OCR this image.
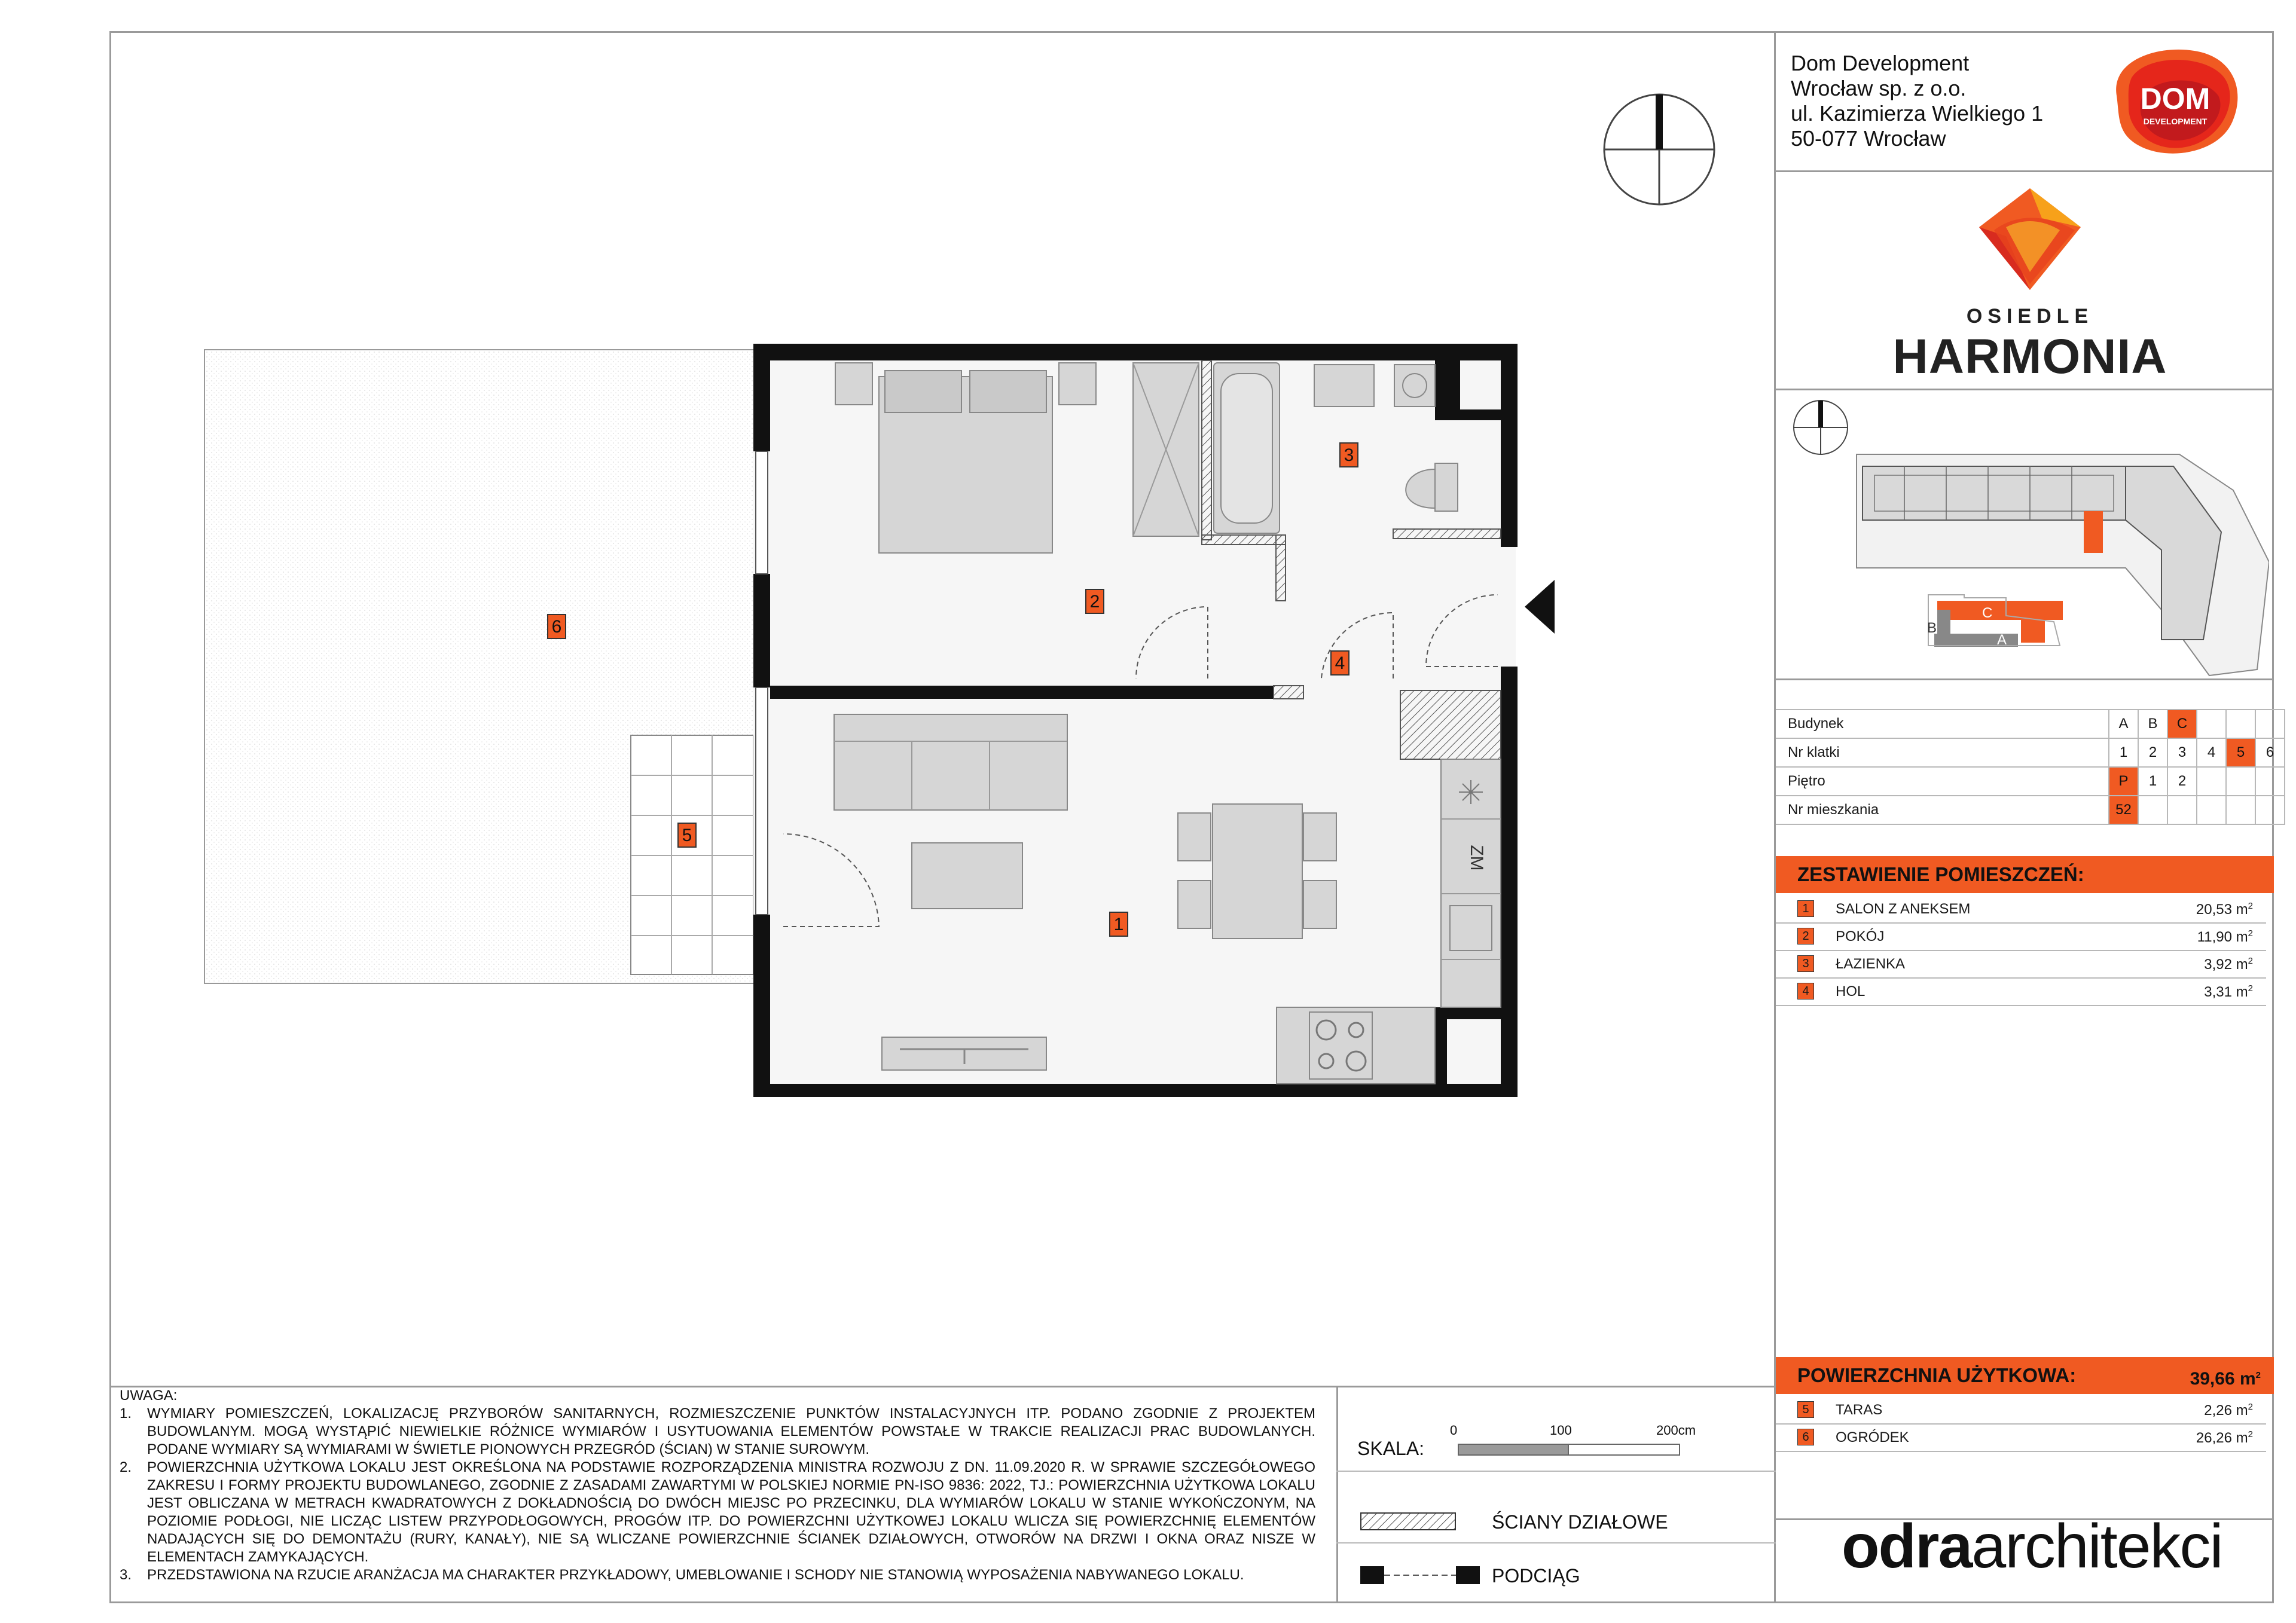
Dom Development
Wrocław sp. z o.o.
ul. Kazimierza Wielkiego 1
50-077 Wrocław
DOM
DEVELOPMENT
OSIEDLE
HARMONIA
C
A
B
Budynek	A	B	C			
Nr klatki	1	2	3	4	5	6
Piętro	P	1	2			
Nr mieszkania	52					
ZESTAWIENIE POMIESZCZEŃ:
1	SALON Z ANEKSEM	20,53 $m^2$
2	POKÓJ	11,90 $m^2$
3	ŁAZIENKA	3,92 $m^2$
4	HOL	3,31 $m^2$
POWIERZCHNIA UŻYTKOWA:	39,66 $m^2$
5	TARAS	2,26 $m^2$
6	OGRÓDEK	26,26 $m^2$
odraarchitekci
UWAGA:
1. WYMIARY POMIESZCZEŃ, LOKALIZACJĘ PRZYBORÓW SANITARNYCH, ROZMIESZCZENIE PUNKTÓW INSTALACYJNYCH ITP. PODANO ZGODNIE Z PROJEKTEM BUDOWLANYM. MOGĄ WYSTĄPIĆ NIEWIELKIE RÓŻNICE WYMIARÓW I USYTUOWANIA ELEMENTÓW POWSTAŁE W TRAKCIE REALIZACJI PRAC BUDOWLANYCH. PODANE WYMIARY SĄ WYMIARAMI W ŚWIETLE PIONOWYCH PRZEGRÓD (ŚCIAN) W STANIE SUROWYM.
2. POWIERZCHNIA UŻYTKOWA LOKALU JEST OKREŚLONA NA PODSTAWIE ROZPORZĄDZENIA MINISTRA ROZWOJU Z DN. 11.09.2020 R. W SPRAWIE SZCZEGÓŁOWEGO ZAKRESU I FORMY PROJEKTU BUDOWLANEGO, ZGODNIE Z ZASADAMI ZAWARTYMI W POLSKIEJ NORMIE PN-ISO 9836: 2022, TJ.: POWIERZCHNIA UŻYTKOWA LOKALU JEST OBLICZANA W METRACH KWADRATOWYCH Z DOKŁADNOŚCIĄ DO DWÓCH MIEJSC PO PRZECINKU, DLA WYMIARÓW LOKALU W STANIE WYKOŃCZONYM, NA POZIOMIE PODŁOGI, NIE LICZĄC LISTEW PRZYPODŁOGOWYCH, PROGÓW ITP. DO POWIERZCHNI UŻYTKOWEJ LOKALU WLICZA SIĘ POWIERZCHNIĘ ELEMENTÓW NADAJĄCYCH SIĘ DO DEMONTAŻU (RURY, KANAŁY), NIE SĄ WLICZANE POWIERZCHNIE ŚCIANEK DZIAŁOWYCH, OTWORÓW NA DRZWI I OKNA ORAZ NISZE W ELEMENTACH ZAMYKAJĄCYCH.
3. PRZEDSTAWIONA NA RZUCIE ARANŻACJA MA CHARAKTER PRZYKŁADOWY, UMEBLOWANIE I SCHODY NIE STANOWIĄ WYPOSAŻENIA NABYWANEGO LOKALU.
SKALA:
0	100	200cm
ŚCIANY DZIAŁOWE
PODCIĄG
ZM
1
2
3
4
5
6
